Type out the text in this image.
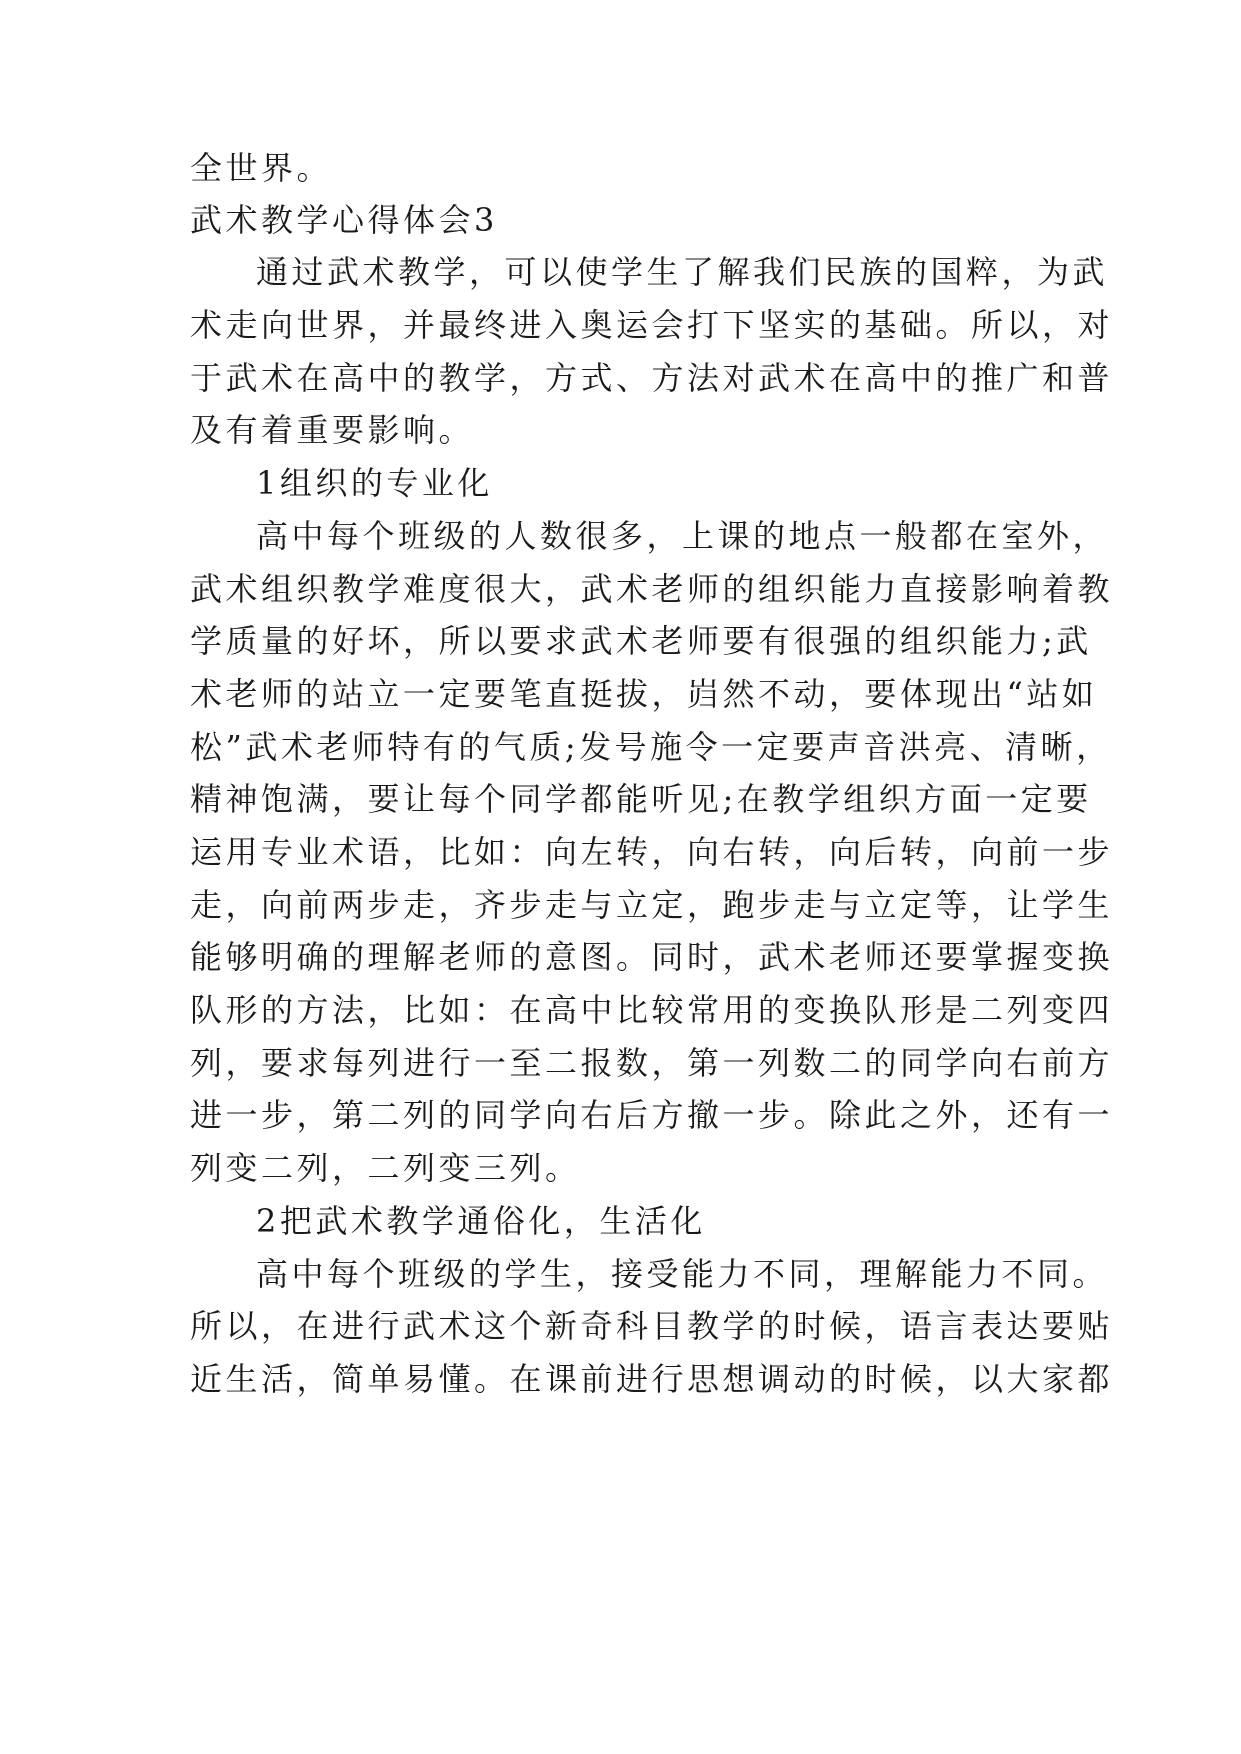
全世界。
武术教学心得体会3
通过武术教学，可以使学生了解我们民族的国粹，为武
术走向世界，并最终进入奥运会打下坚实的基础。所以，对
于武术在高中的教学，方式、方法对武术在高中的推广和普
及有着重要影响。
1组织的专业化
高中每个班级的人数很多，上课的地点一般都在室外，
武术组织教学难度很大，武术老师的组织能力直接影响着教
学质量的好坏，所以要求武术老师要有很强的组织能力;武
术老师的站立一定要笔直挺拔，岿然不动，要体现出“站如
松”武术老师特有的气质;发号施令一定要声音洪亮、清晰，
精神饱满，要让每个同学都能听见;在教学组织方面一定要
运用专业术语，比如：向左转，向右转，向后转，向前一步
走，向前两步走，齐步走与立定，跑步走与立定等，让学生
能够明确的理解老师的意图。同时，武术老师还要掌握变换
队形的方法，比如：在高中比较常用的变换队形是二列变四
列，要求每列进行一至二报数，第一列数二的同学向右前方
进一步，第二列的同学向右后方撤一步。除此之外，还有一
列变二列，二列变三列。
2把武术教学通俗化，生活化
高中每个班级的学生，接受能力不同，理解能力不同。
所以，在进行武术这个新奇科目教学的时候，语言表达要贴
近生活，简单易懂。在课前进行思想调动的时候，以大家都
